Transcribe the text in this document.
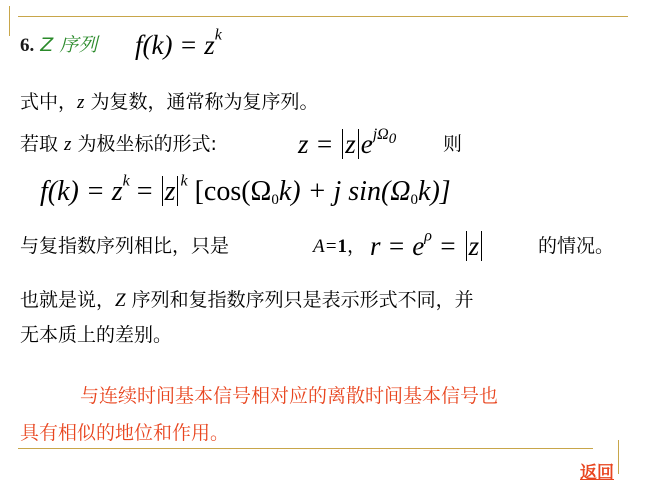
6. Z 序列 $f(k) = z^k$
式中，z 为复数，通常称为复序列。
若取 z 为极坐标的形式:	z = z $e^{j\Omega_0}$ 则
$f(k) = z^k = z$ $^k$ [$\cos(\Omega_0k) + j$ $\sin(\Omega_0k)$]
与复指数序列相比，只是	A=1， $r = e^\rho = z$	的情况。
也就是说，Z 序列和复指数序列只是表示形式不同，并
无本质上的差别。
与连续时间基本信号相对应的离散时间基本信号也
具有相似的地位和作用。
返回
